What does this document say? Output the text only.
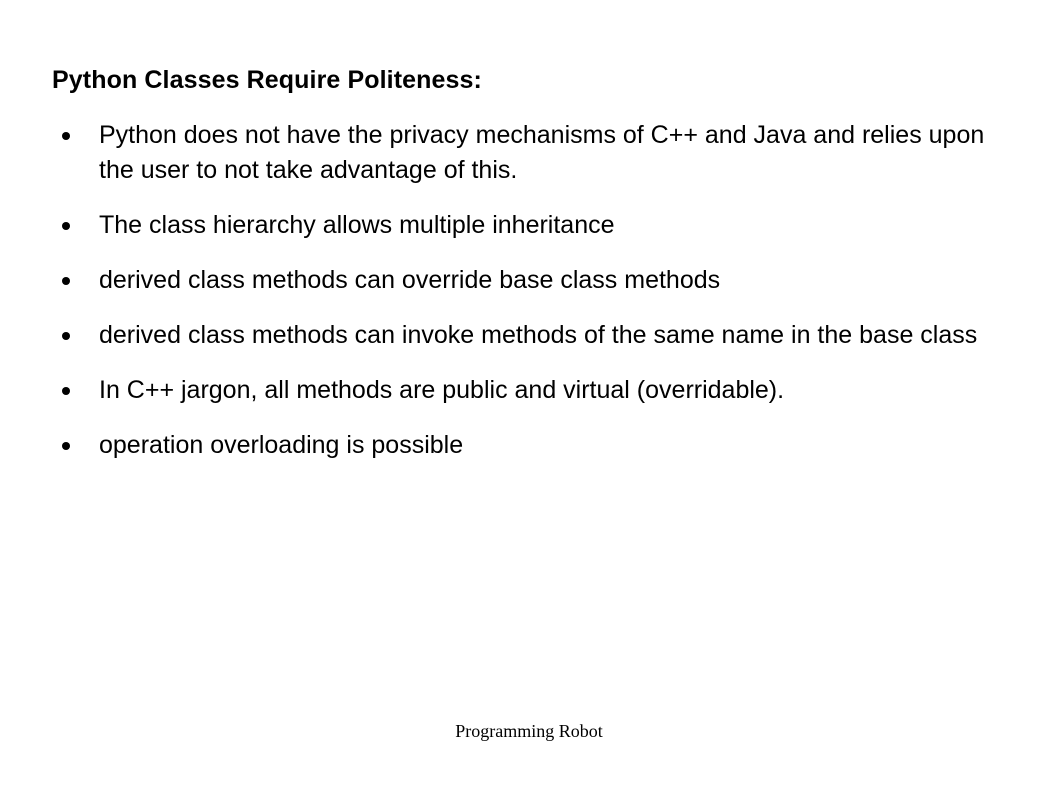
Python Classes Require Politeness:
Python does not have the privacy mechanisms of C++ and Java and relies upon the user to not take advantage of this.
The class hierarchy allows multiple inheritance
derived class methods can override base class methods
derived class methods can invoke methods of the same name in the base class
In C++ jargon, all methods are public and virtual (overridable).
operation overloading is possible
Programming Robot
